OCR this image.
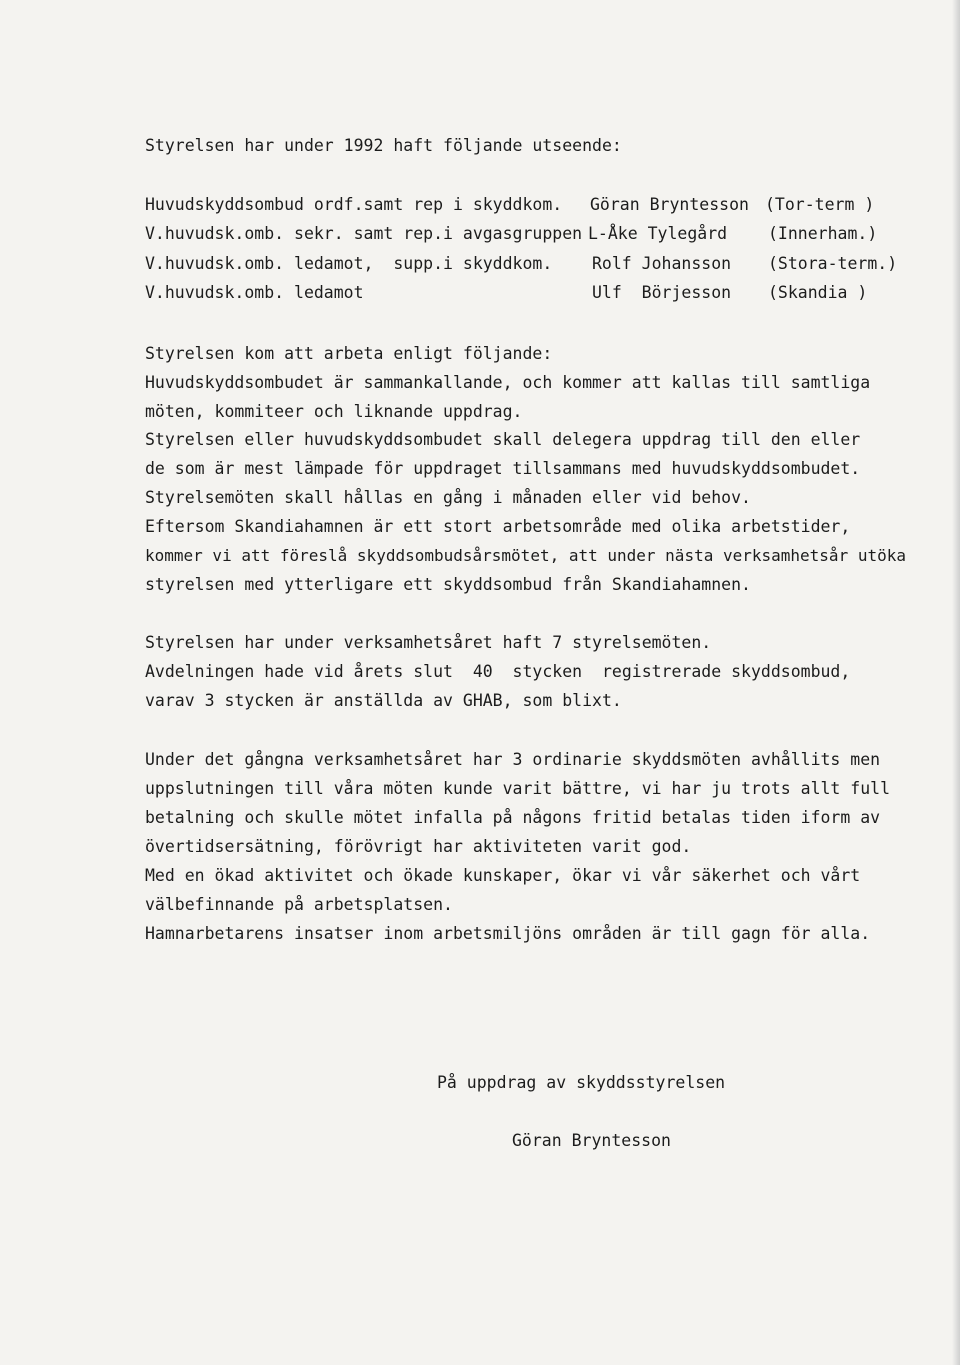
Styrelsen har under 1992 haft följande utseende:
Huvudskyddsombud ordf.samt rep i skyddkom. Göran Bryntesson (Tor-term )
V.huvudsk.omb. sekr. samt rep.i avgasgruppen L-Åke Tylegård (Innerham.)
V.huvudsk.omb. ledamot,  supp.i skyddkom. Rolf Johansson (Stora-term.)
V.huvudsk.omb. ledamot	Ulf  Börjesson (Skandia )
Styrelsen kom att arbeta enligt följande:
Huvudskyddsombudet är sammankallande, och kommer att kallas till samtliga
möten, kommiteer och liknande uppdrag.
Styrelsen eller huvudskyddsombudet skall delegera uppdrag till den eller
de som är mest lämpade för uppdraget tillsammans med huvudskyddsombudet.
Styrelsemöten skall hållas en gång i månaden eller vid behov.
Eftersom Skandiahamnen är ett stort arbetsområde med olika arbetstider,
kommer vi att föreslå skyddsombudsårsmötet, att under nästa verksamhetsår utöka
styrelsen med ytterligare ett skyddsombud från Skandiahamnen.
Styrelsen har under verksamhetsåret haft 7 styrelsemöten.
Avdelningen hade vid årets slut  40  stycken  registrerade skyddsombud,
varav 3 stycken är anställda av GHAB, som blixt.
Under det gångna verksamhetsåret har 3 ordinarie skyddsmöten avhållits men
uppslutningen till våra möten kunde varit bättre, vi har ju trots allt full
betalning och skulle mötet infalla på någons fritid betalas tiden iform av
övertidsersätning, förövrigt har aktiviteten varit god.
Med en ökad aktivitet och ökade kunskaper, ökar vi vår säkerhet och vårt
välbefinnande på arbetsplatsen.
Hamnarbetarens insatser inom arbetsmiljöns områden är till gagn för alla.
På uppdrag av skyddsstyrelsen
Göran Bryntesson
